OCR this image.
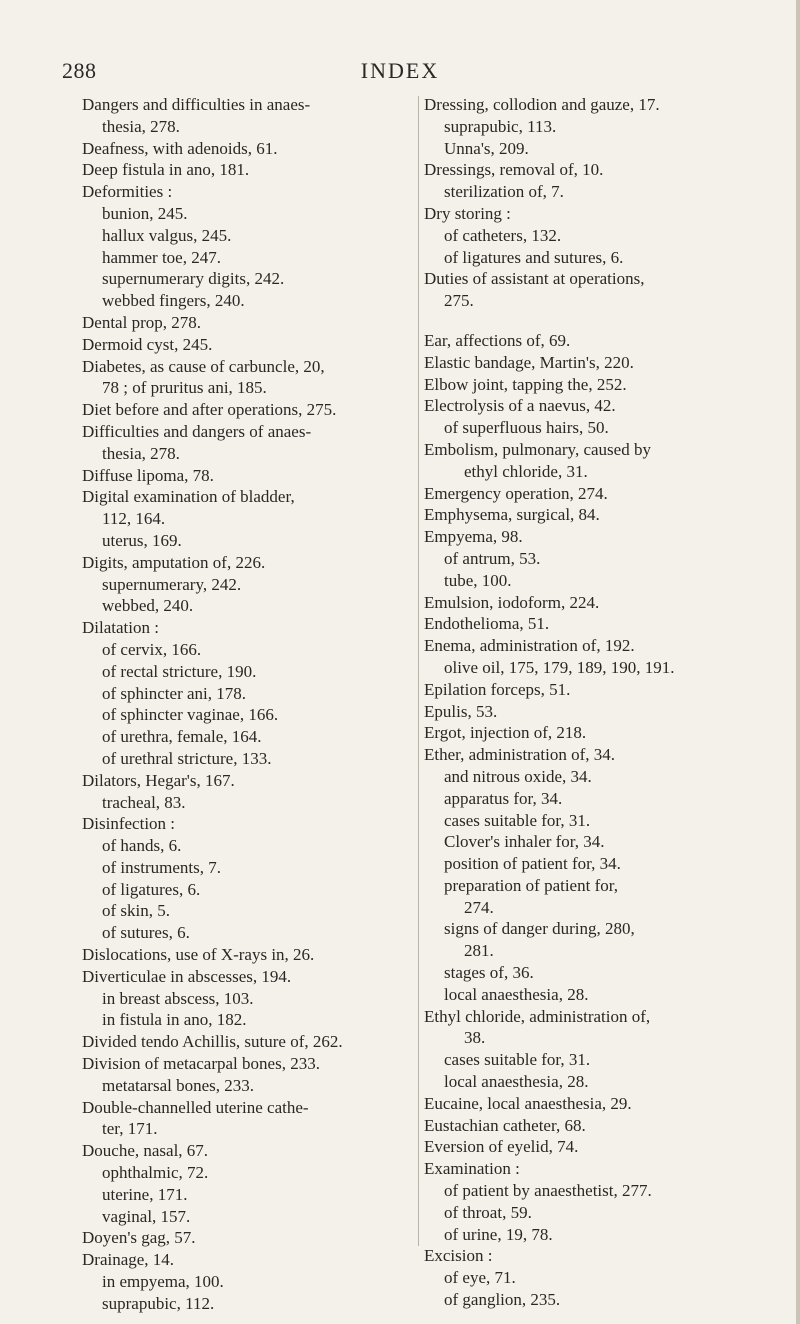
288	INDEX
Dangers and difficulties in anaes-
thesia, 278.
Deafness, with adenoids, 61.
Deep fistula in ano, 181.
Deformities :
bunion, 245.
hallux valgus, 245.
hammer toe, 247.
supernumerary digits, 242.
webbed fingers, 240.
Dental prop, 278.
Dermoid cyst, 245.
Diabetes, as cause of carbuncle, 20,
78 ; of pruritus ani, 185.
Diet before and after operations, 275.
Difficulties and dangers of anaes-
thesia, 278.
Diffuse lipoma, 78.
Digital examination of bladder,
112, 164.
uterus, 169.
Digits, amputation of, 226.
supernumerary, 242.
webbed, 240.
Dilatation :
of cervix, 166.
of rectal stricture, 190.
of sphincter ani, 178.
of sphincter vaginae, 166.
of urethra, female, 164.
of urethral stricture, 133.
Dilators, Hegar's, 167.
tracheal, 83.
Disinfection :
of hands, 6.
of instruments, 7.
of ligatures, 6.
of skin, 5.
of sutures, 6.
Dislocations, use of X-rays in, 26.
Diverticulae in abscesses, 194.
in breast abscess, 103.
in fistula in ano, 182.
Divided tendo Achillis, suture of, 262.
Division of metacarpal bones, 233.
metatarsal bones, 233.
Double-channelled uterine cathe-
ter, 171.
Douche, nasal, 67.
ophthalmic, 72.
uterine, 171.
vaginal, 157.
Doyen's gag, 57.
Drainage, 14.
in empyema, 100.
suprapubic, 112.
Dressing, collodion and gauze, 17.
suprapubic, 113.
Unna's, 209.
Dressings, removal of, 10.
sterilization of, 7.
Dry storing :
of catheters, 132.
of ligatures and sutures, 6.
Duties of assistant at operations,
275.
Ear, affections of, 69.
Elastic bandage, Martin's, 220.
Elbow joint, tapping the, 252.
Electrolysis of a naevus, 42.
of superfluous hairs, 50.
Embolism, pulmonary, caused by
ethyl chloride, 31.
Emergency operation, 274.
Emphysema, surgical, 84.
Empyema, 98.
of antrum, 53.
tube, 100.
Emulsion, iodoform, 224.
Endothelioma, 51.
Enema, administration of, 192.
olive oil, 175, 179, 189, 190, 191.
Epilation forceps, 51.
Epulis, 53.
Ergot, injection of, 218.
Ether, administration of, 34.
and nitrous oxide, 34.
apparatus for, 34.
cases suitable for, 31.
Clover's inhaler for, 34.
position of patient for, 34.
preparation of patient for,
274.
signs of danger during, 280,
281.
stages of, 36.
local anaesthesia, 28.
Ethyl chloride, administration of,
38.
cases suitable for, 31.
local anaesthesia, 28.
Eucaine, local anaesthesia, 29.
Eustachian catheter, 68.
Eversion of eyelid, 74.
Examination :
of patient by anaesthetist, 277.
of throat, 59.
of urine, 19, 78.
Excision :
of eye, 71.
of ganglion, 235.
